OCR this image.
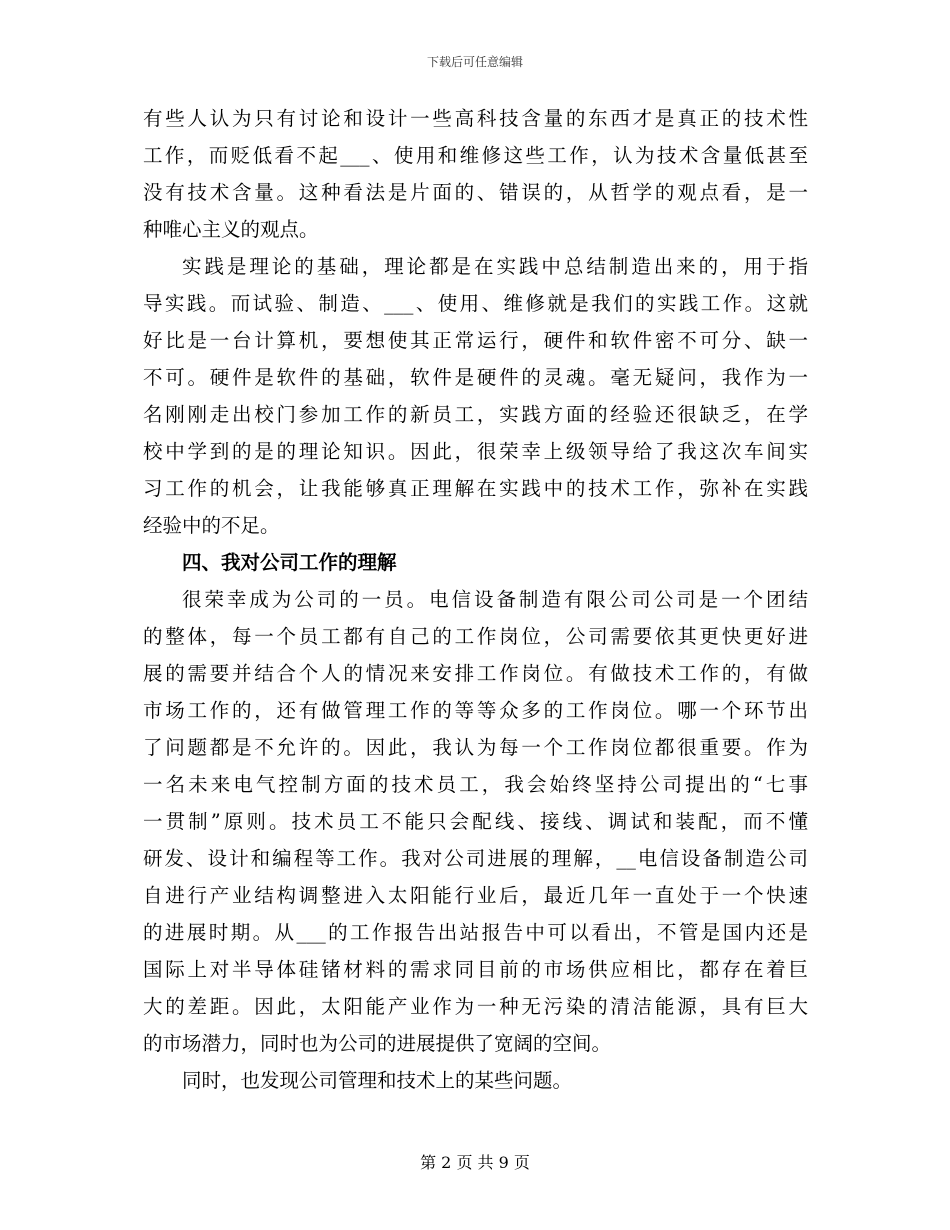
下载后可任意编辑
有些人认为只有讨论和设计一些高科技含量的东西才是真正的技术性
工作，而贬低看不起___、使用和维修这些工作，认为技术含量低甚至
没有技术含量。这种看法是片面的、错误的，从哲学的观点看，是一
种唯心主义的观点。
实践是理论的基础，理论都是在实践中总结制造出来的，用于指
导实践。而试验、制造、___、使用、维修就是我们的实践工作。这就
好比是一台计算机，要想使其正常运行，硬件和软件密不可分、缺一
不可。硬件是软件的基础，软件是硬件的灵魂。毫无疑问，我作为一
名刚刚走出校门参加工作的新员工，实践方面的经验还很缺乏，在学
校中学到的是的理论知识。因此，很荣幸上级领导给了我这次车间实
习工作的机会，让我能够真正理解在实践中的技术工作，弥补在实践
经验中的不足。
四、我对公司工作的理解
很荣幸成为公司的一员。电信设备制造有限公司公司是一个团结
的整体，每一个员工都有自己的工作岗位，公司需要依其更快更好进
展的需要并结合个人的情况来安排工作岗位。有做技术工作的，有做
市场工作的，还有做管理工作的等等众多的工作岗位。哪一个环节出
了问题都是不允许的。因此，我认为每一个工作岗位都很重要。作为
一名未来电气控制方面的技术员工，我会始终坚持公司提出的“七事
一贯制”原则。技术员工不能只会配线、接线、调试和装配，而不懂
研发、设计和编程等工作。我对公司进展的理解，__电信设备制造公司
自进行产业结构调整进入太阳能行业后，最近几年一直处于一个快速
的进展时期。从___的工作报告出站报告中可以看出，不管是国内还是
国际上对半导体硅锗材料的需求同目前的市场供应相比，都存在着巨
大的差距。因此，太阳能产业作为一种无污染的清洁能源，具有巨大
的市场潜力，同时也为公司的进展提供了宽阔的空间。
同时，也发现公司管理和技术上的某些问题。
第 2 页 共 9 页
